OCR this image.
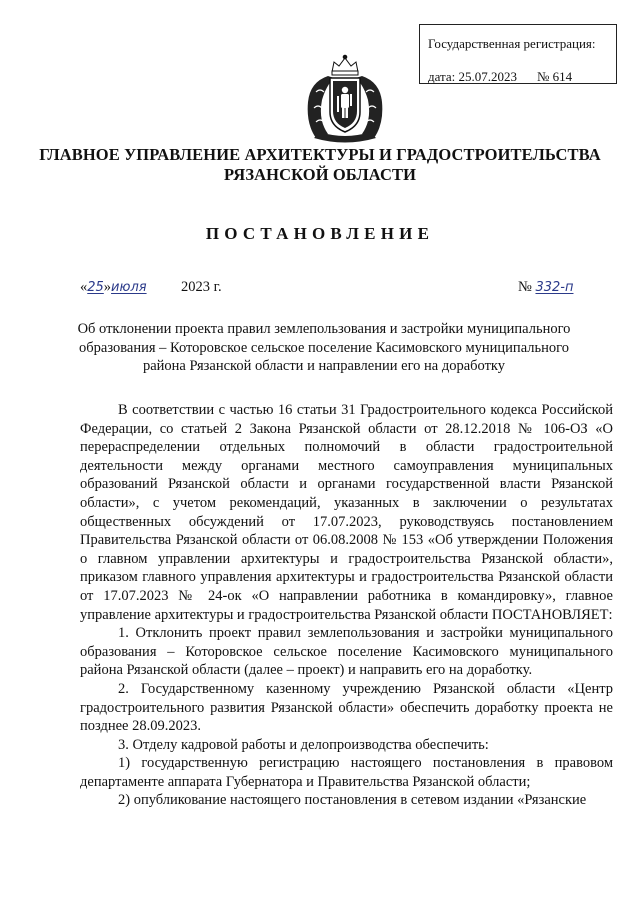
Государственная регистрация:
дата: 25.07.2023 № 614
ГЛАВНОЕ УПРАВЛЕНИЕ АРХИТЕКТУРЫ И ГРАДОСТРОИТЕЛЬСТВА
РЯЗАНСКОЙ ОБЛАСТИ
ПОСТАНОВЛЕНИЕ
«25»июля 2023 г.	№ 332-п
Об отклонении проекта правил землепользования и застройки муниципального образования – Которовское сельское поселение Касимовского муниципального района Рязанской области и направлении его на доработку

В соответствии с частью 16 статьи 31 Градостроительного кодекса Российской Федерации, со статьей 2 Закона Рязанской области от 28.12.2018 № 106-ОЗ «О перераспределении отдельных полномочий в области градостроительной деятельности между органами местного самоуправления муниципальных образований Рязанской области и органами государственной власти Рязанской области», с учетом рекомендаций, указанных в заключении о результатах общественных обсуждений от 17.07.2023, руководствуясь постановлением Правительства Рязанской области от 06.08.2008 № 153 «Об утверждении Положения о главном управлении архитектуры и градостроительства Рязанской области», приказом главного управления архитектуры и градостроительства Рязанской области от 17.07.2023 № 24-ок «О направлении работника в командировку», главное управление архитектуры и градостроительства Рязанской области ПОСТАНОВЛЯЕТ:

1. Отклонить проект правил землепользования и застройки муниципального образования – Которовское сельское поселение Касимовского муниципального района Рязанской области (далее – проект) и направить его на доработку.

2. Государственному казенному учреждению Рязанской области «Центр градостроительного развития Рязанской области» обеспечить доработку проекта не позднее 28.09.2023.

3. Отделу кадровой работы и делопроизводства обеспечить:

1) государственную регистрацию настоящего постановления в правовом департаменте аппарата Губернатора и Правительства Рязанской области;

2) опубликование настоящего постановления в сетевом издании «Рязанские
